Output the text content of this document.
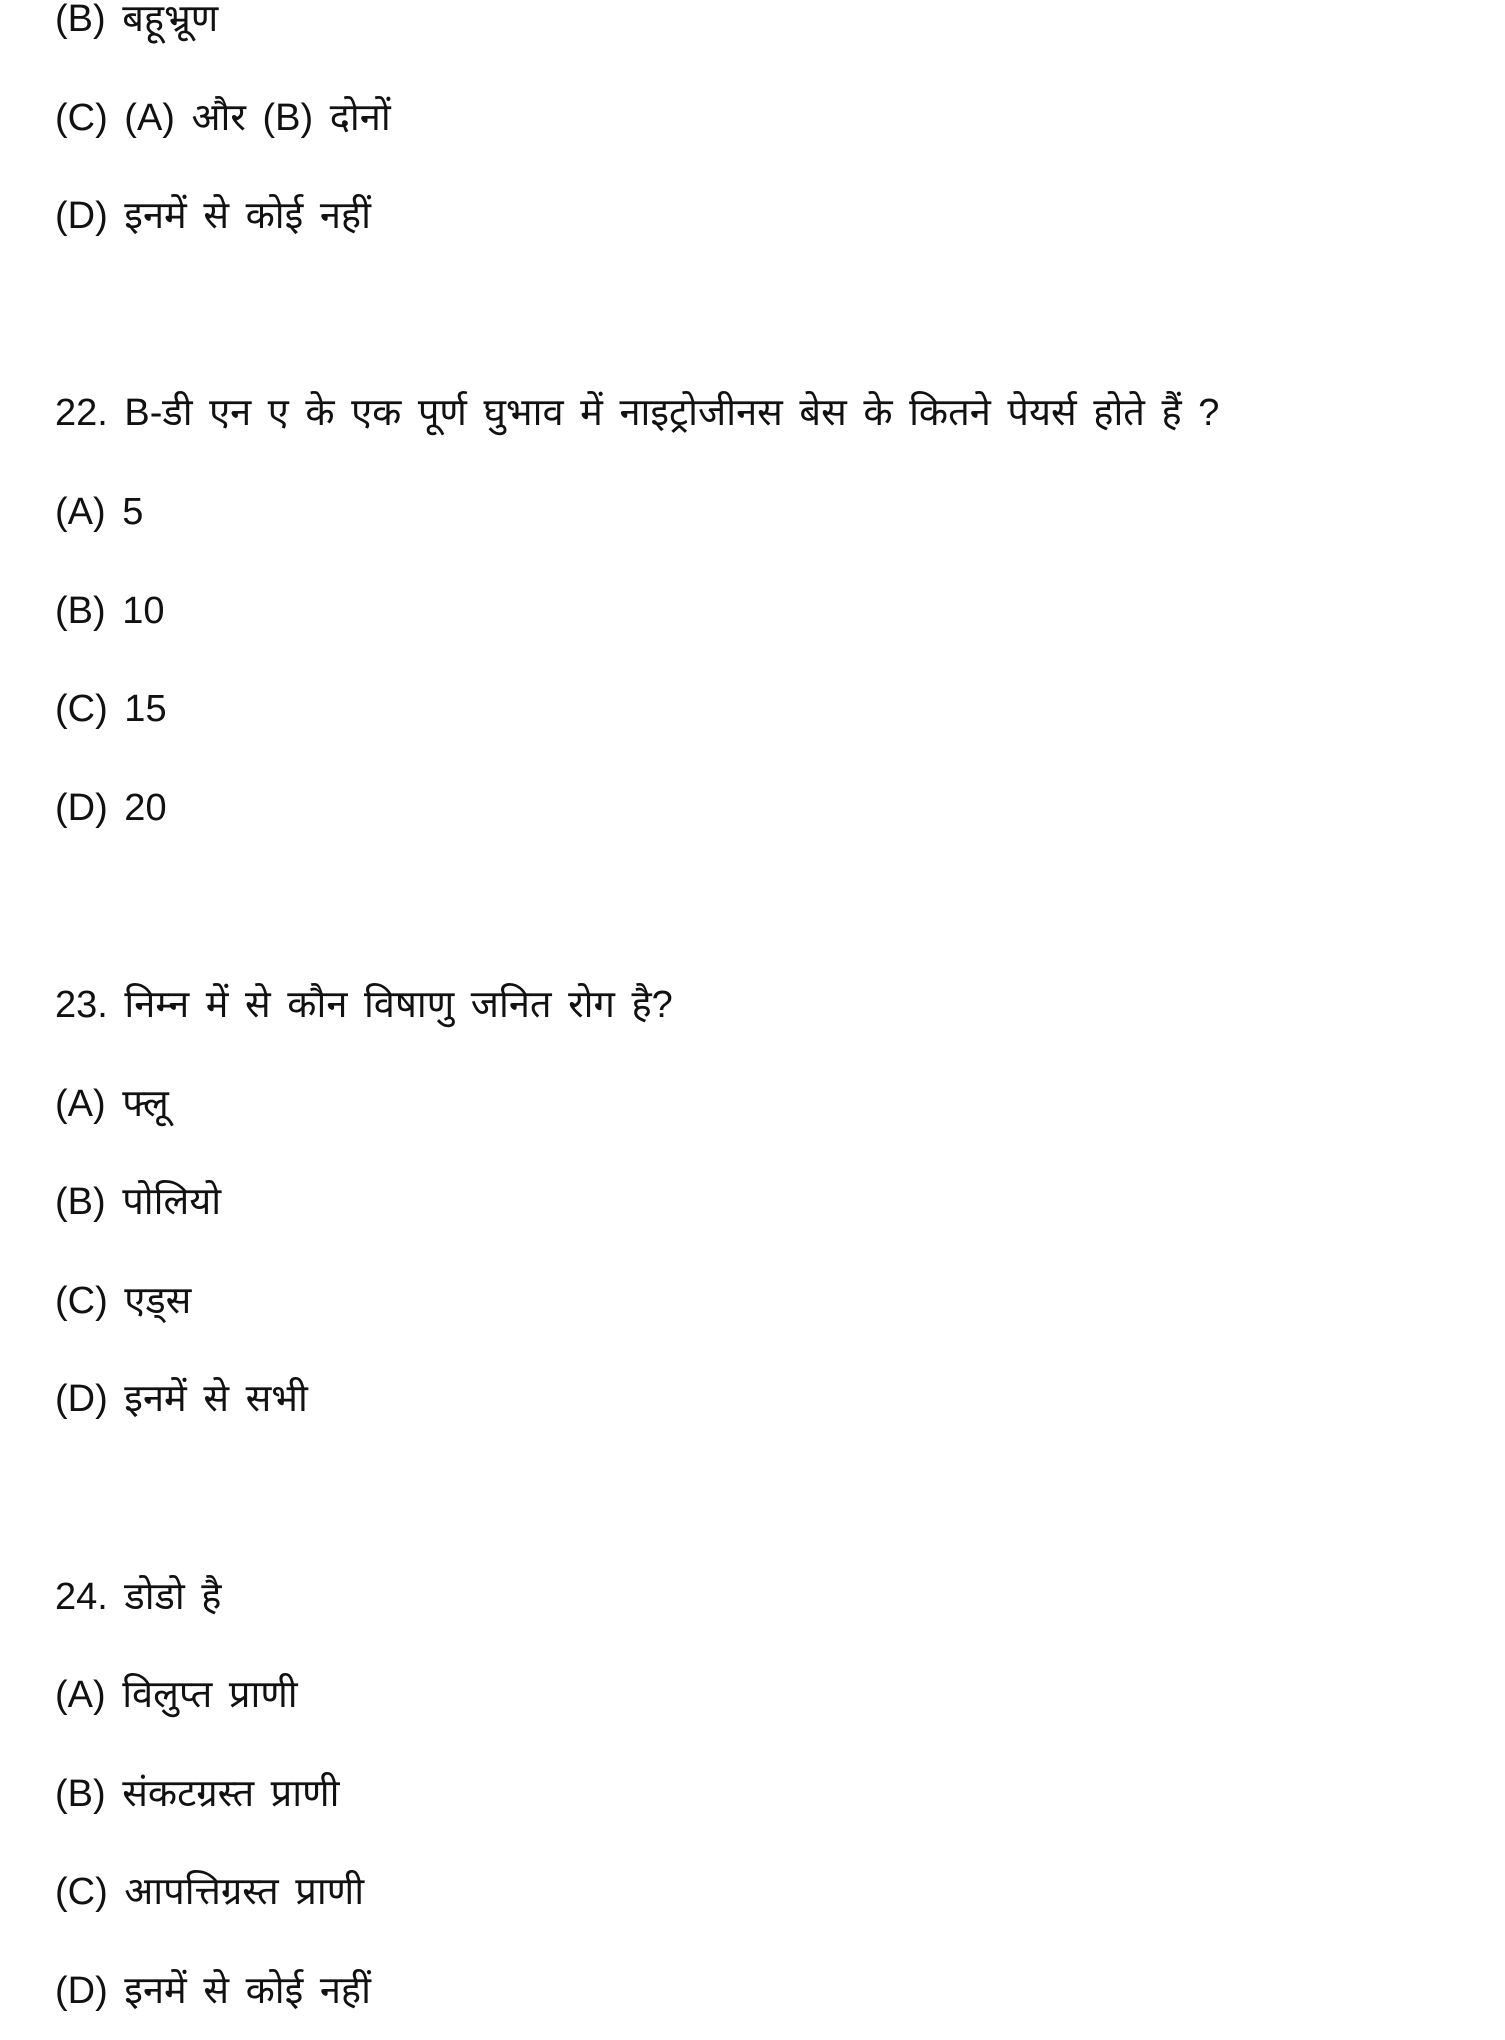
(B) बहूभ्रूण
(C) (A) और (B) दोनों
(D) इनमें से कोई नहीं
22. B-डी एन ए के एक पूर्ण घुभाव में नाइट्रोजीनस बेस के कितने पेयर्स होते हैं ?
(A) 5
(B) 10
(C) 15
(D) 20
23. निम्न में से कौन विषाणु जनित रोग है?
(A) फ्लू
(B) पोलियो
(C) एड्स
(D) इनमें से सभी
24. डोडो है
(A) विलुप्त प्राणी
(B) संकटग्रस्त प्राणी
(C) आपत्तिग्रस्त प्राणी
(D) इनमें से कोई नहीं
